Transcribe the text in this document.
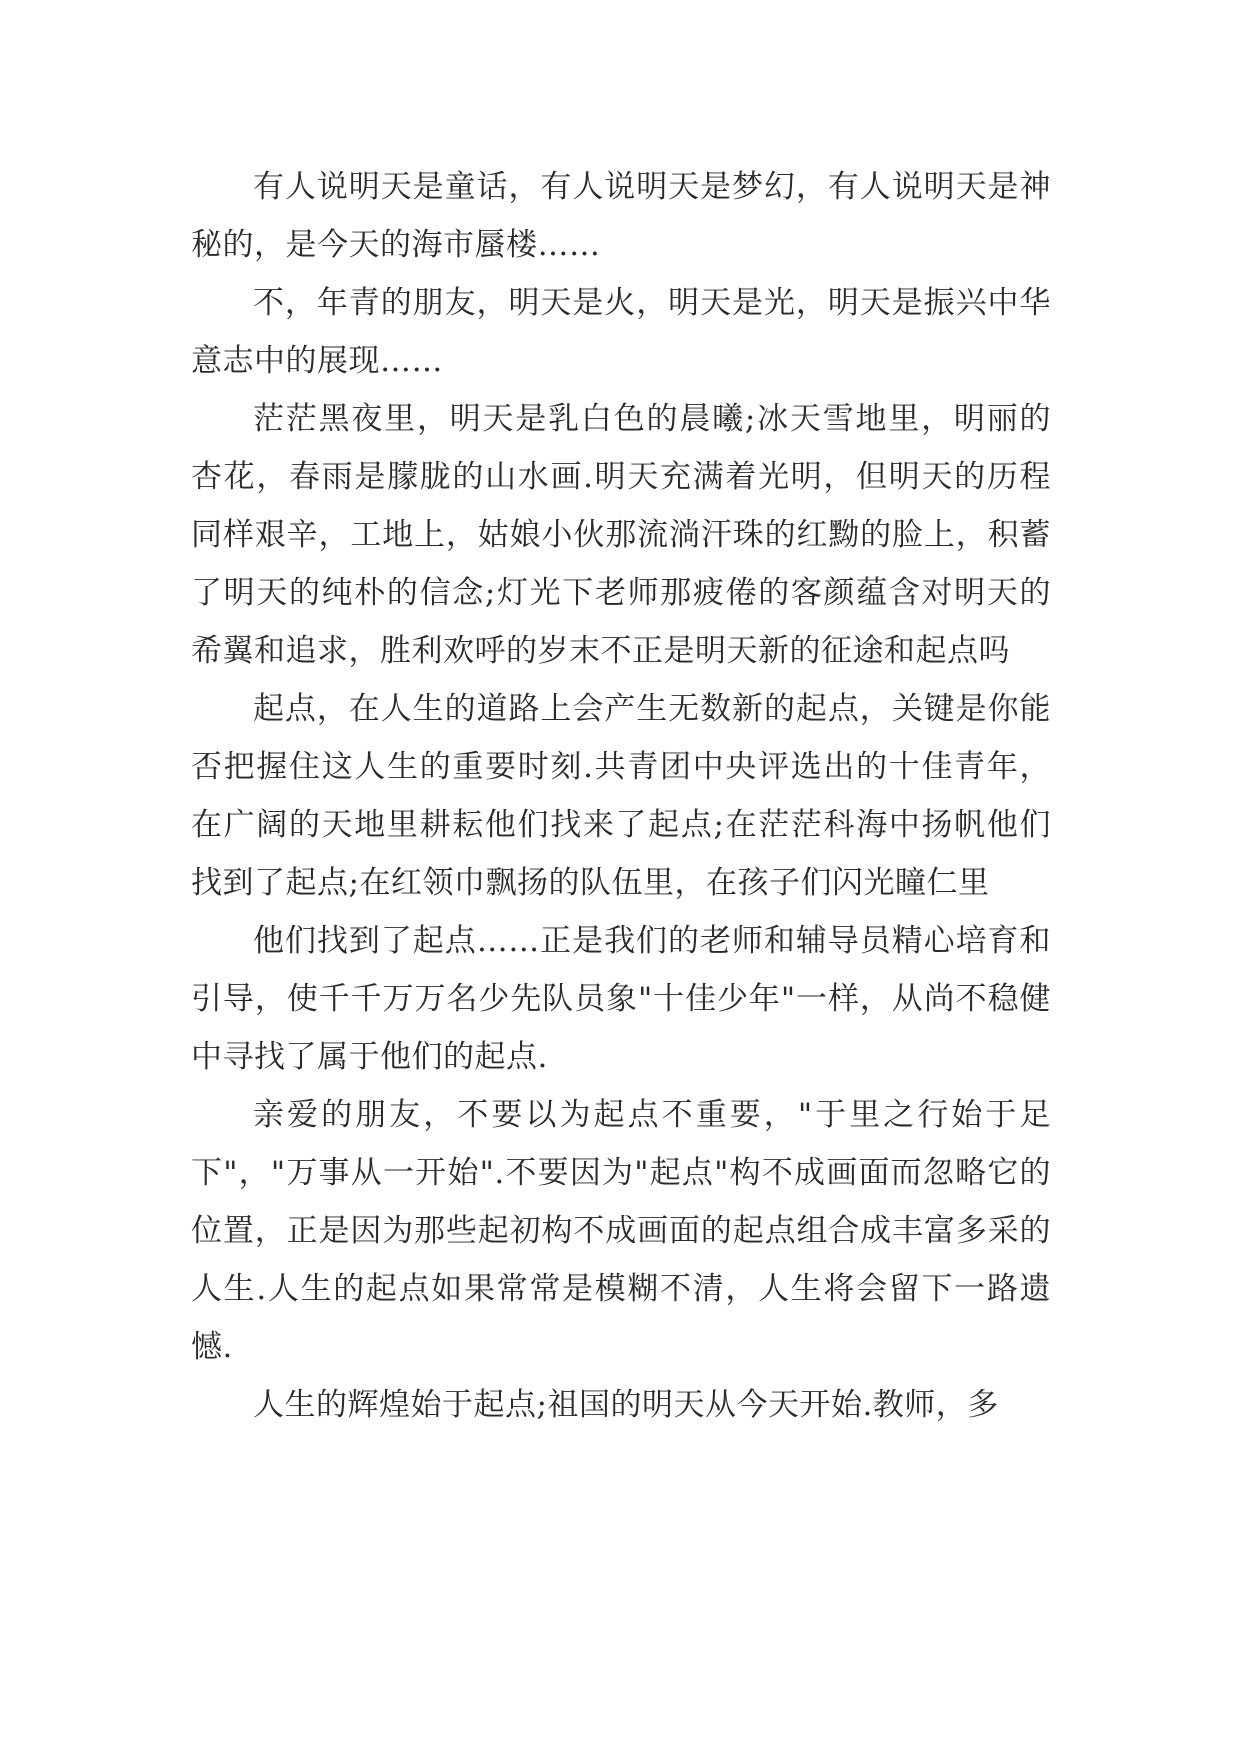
有人说明天是童话，有人说明天是梦幻，有人说明天是神秘的，是今天的海市蜃楼……

不，年青的朋友，明天是火，明天是光，明天是振兴中华意志中的展现……

茫茫黑夜里，明天是乳白色的晨曦;冰天雪地里，明丽的杏花，春雨是朦胧的山水画.明天充满着光明，但明天的历程同样艰辛，工地上，姑娘小伙那流淌汗珠的红黝的脸上，积蓄了明天的纯朴的信念;灯光下老师那疲倦的客颜蕴含对明天的希翼和追求，胜利欢呼的岁末不正是明天新的征途和起点吗

起点，在人生的道路上会产生无数新的起点，关键是你能否把握住这人生的重要时刻.共青团中央评选出的十佳青年，在广阔的天地里耕耘他们找来了起点;在茫茫科海中扬帆他们找到了起点;在红领巾飘扬的队伍里，在孩子们闪光瞳仁里

他们找到了起点……正是我们的老师和辅导员精心培育和引导，使千千万万名少先队员象"十佳少年"一样，从尚不稳健中寻找了属于他们的起点.

亲爱的朋友，不要以为起点不重要，"于里之行始于足下"，"万事从一开始".不要因为"起点"构不成画面而忽略它的位置，正是因为那些起初构不成画面的起点组合成丰富多采的人生.人生的起点如果常常是模糊不清，人生将会留下一路遗憾.

人生的辉煌始于起点;祖国的明天从今天开始.教师，多
